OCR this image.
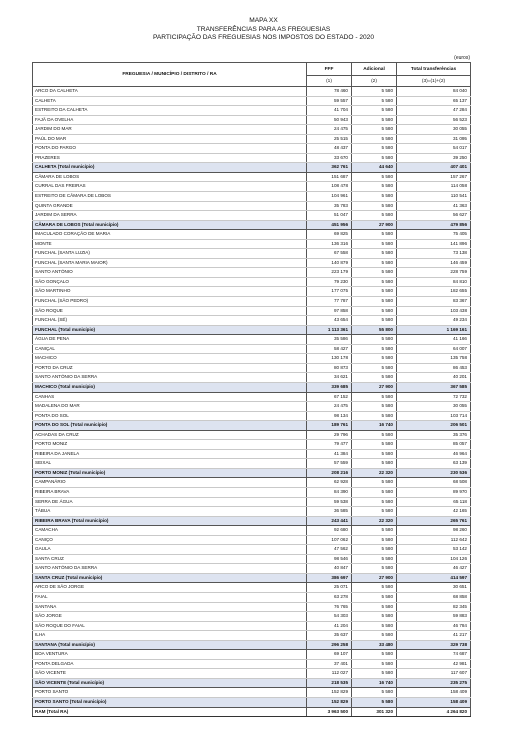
MAPA XX
TRANSFERÊNCIAS PARA AS FREGUESIAS
PARTICIPAÇÃO DAS FREGUESIAS NOS IMPOSTOS DO ESTADO - 2020
(euros)
FREGUESIA / MUNICÍPIO / DISTRITO / RA	FFF	Adicional	Total transferências
	(1)	(2)	(3)=(1)+(2)
ARCO DA CALHETA	78 460	5 580	84 040
CALHETA	59 557	5 580	65 137
ESTREITO DA CALHETA	41 704	5 580	47 284
FAJÃ DA OVELHA	50 943	5 580	56 523
JARDIM DO MAR	24 475	5 580	30 055
PAÚL DO MAR	25 515	5 580	31 095
PONTA DO PARGO	48 437	5 580	54 017
PRAZERES	33 670	5 580	39 250
CALHETA (Total município)	362 761	44 640	407 401
CÂMARA DE LOBOS	151 687	5 580	157 267
CURRAL DAS FREIRAS	108 478	5 580	114 058
ESTREITO DE CÂMARA DE LOBOS	104 961	5 580	110 541
QUINTA GRANDE	35 783	5 580	41 363
JARDIM DA SERRA	51 047	5 580	56 627
CÂMARA DE LOBOS (Total município)	451 956	27 900	479 856
IMACULADO CORAÇÃO DE MARIA	69 825	5 580	75 405
MONTE	136 316	5 580	141 896
FUNCHAL (SANTA LUZIA)	67 558	5 580	73 138
FUNCHAL (SANTA MARIA MAIOR)	140 879	5 580	146 459
SANTO ANTÓNIO	223 179	5 580	228 759
SÃO GONÇALO	79 230	5 580	84 810
SÃO MARTINHO	177 075	5 580	182 655
FUNCHAL (SÃO PEDRO)	77 787	5 580	83 367
SÃO ROQUE	97 858	5 580	103 438
FUNCHAL (SÉ)	43 654	5 580	49 234
FUNCHAL (Total município)	1 113 361	55 800	1 169 161
ÁGUA DE PENA	35 586	5 580	41 166
CANIÇAL	58 427	5 580	64 007
MACHICO	130 178	5 580	135 758
PORTO DA CRUZ	80 873	5 580	86 453
SANTO ANTÓNIO DA SERRA	34 621	5 580	40 201
MACHICO (Total município)	339 685	27 900	367 585
CANHAS	67 152	5 580	72 732
MADALENA DO MAR	24 475	5 580	30 055
PONTA DO SOL	98 134	5 580	103 714
PONTA DO SOL (Total município)	189 761	16 740	206 501
ACHADAS DA CRUZ	29 796	5 580	35 376
PORTO MONIZ	79 477	5 580	85 057
RIBEIRA DA JANELA	41 384	5 580	46 964
SEIXAL	57 559	5 580	63 139
PORTO MONIZ (Total município)	208 216	22 320	230 536
CAMPANÁRIO	62 928	5 580	68 508
RIBEIRA BRAVA	84 390	5 580	89 970
SERRA DE ÁGUA	59 538	5 580	65 118
TÁBUA	36 585	5 580	42 165
RIBEIRA BRAVA (Total município)	243 441	22 320	265 761
CAMACHA	92 680	5 580	98 260
CANIÇO	107 062	5 580	112 642
GAULA	47 562	5 580	53 142
SANTA CRUZ	98 546	5 580	104 126
SANTO ANTÓNIO DA SERRA	40 847	5 580	46 427
SANTA CRUZ (Total município)	386 697	27 900	414 597
ARCO DE SÃO JORGE	25 071	5 580	30 651
FAIAL	63 278	5 580	68 858
SANTANA	76 765	5 580	82 345
SÃO JORGE	54 303	5 580	59 883
SÃO ROQUE DO FAIAL	41 204	5 580	46 784
ILHA	35 637	5 580	41 217
SANTANA (Total município)	296 258	33 480	329 738
BOA VENTURA	69 107	5 580	74 687
PONTA DELGADA	37 401	5 580	42 981
SÃO VICENTE	112 027	5 580	117 607
SÃO VICENTE (Total município)	218 535	16 740	235 275
PORTO SANTO	152 829	5 580	158 409
PORTO SANTO (Total município)	152 829	5 580	158 409
RAM (Total RA)	3 963 500	301 320	4 264 820
